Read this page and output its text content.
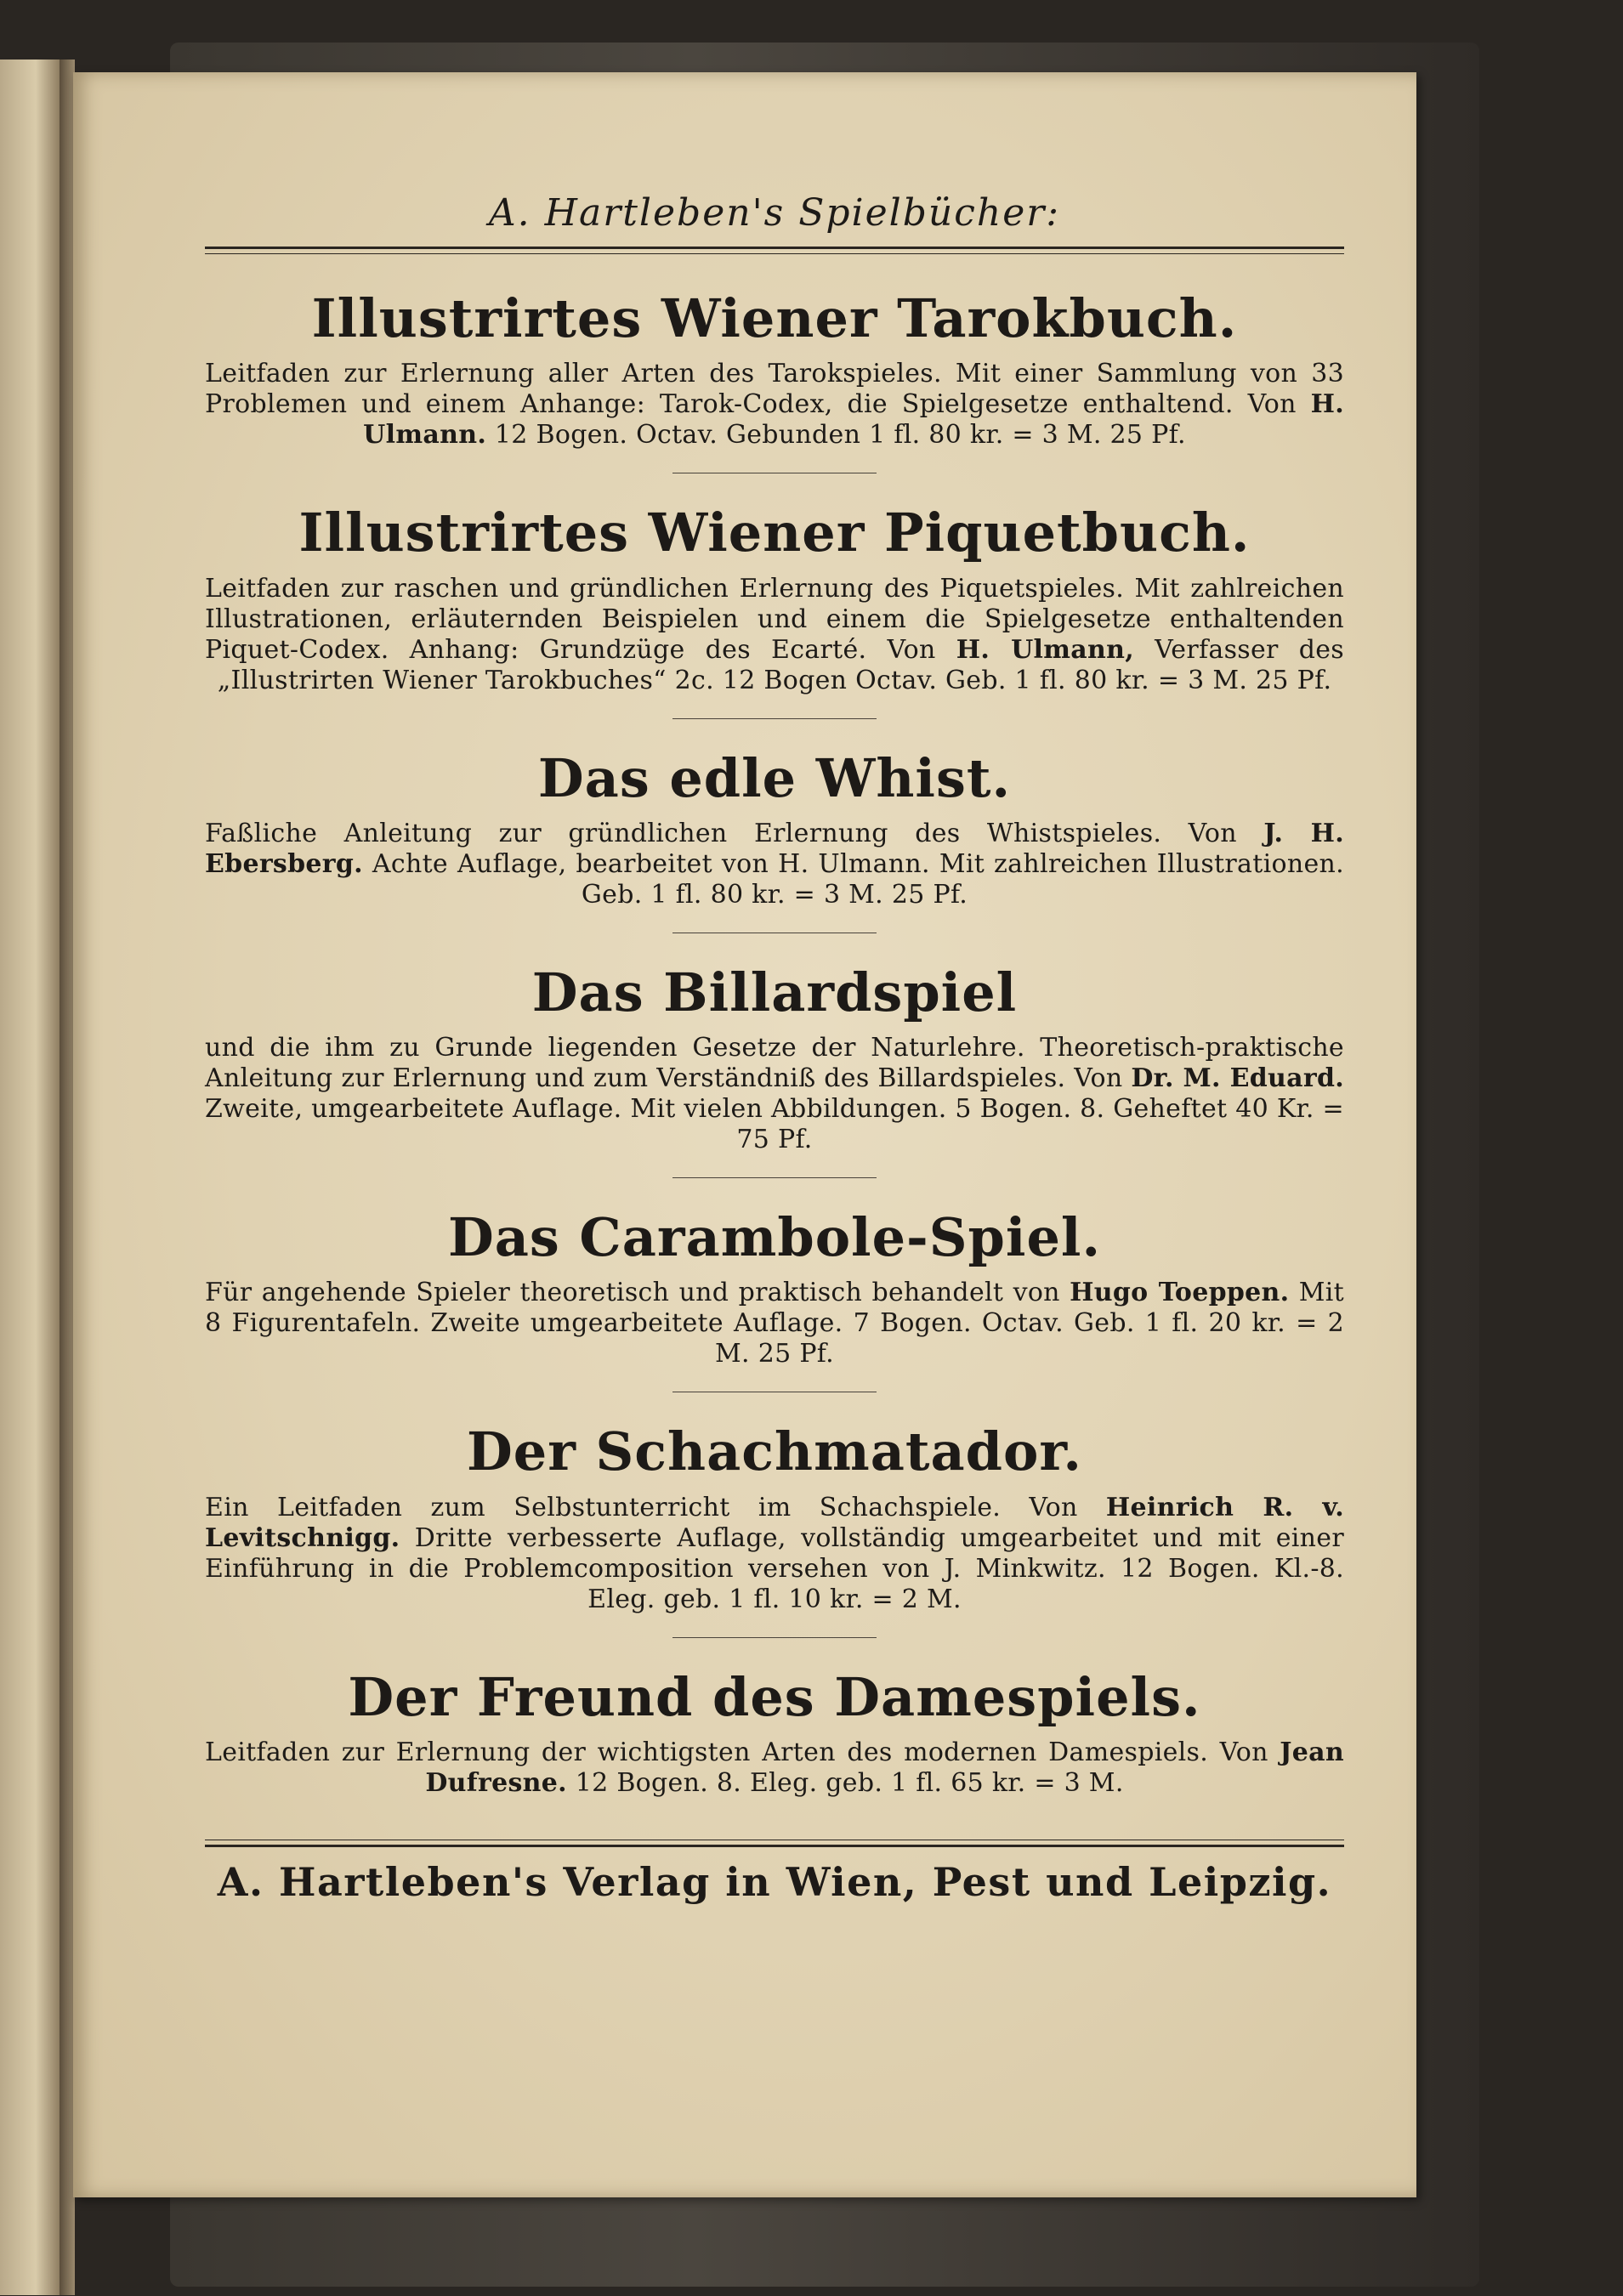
A. Hartleben's Spielbücher:
Illustrirtes Wiener Tarokbuch.
Leitfaden zur Erlernung aller Arten des Tarokspieles. Mit einer Sammlung von 33 Problemen und einem Anhange: Tarok-Codex, die Spielgesetze enthaltend. Von H. Ulmann. 12 Bogen. Octav. Gebunden 1 fl. 80 kr. = 3 M. 25 Pf.
Illustrirtes Wiener Piquetbuch.
Leitfaden zur raschen und gründlichen Erlernung des Piquetspieles. Mit zahlreichen Illustrationen, erläuternden Beispielen und einem die Spielgesetze enthaltenden Piquet-Codex. Anhang: Grundzüge des Ecarté. Von H. Ulmann, Verfasser des „Illustrirten Wiener Tarokbuches“ 2c. 12 Bogen Octav. Geb. 1 fl. 80 kr. = 3 M. 25 Pf.
Das edle Whist.
Faßliche Anleitung zur gründlichen Erlernung des Whistspieles. Von J. H. Ebersberg. Achte Auflage, bearbeitet von H. Ulmann. Mit zahlreichen Illustrationen. Geb. 1 fl. 80 kr. = 3 M. 25 Pf.
Das Billardspiel
und die ihm zu Grunde liegenden Gesetze der Naturlehre. Theoretisch-praktische Anleitung zur Erlernung und zum Verständniß des Billardspieles. Von Dr. M. Eduard. Zweite, umgearbeitete Auflage. Mit vielen Abbildungen. 5 Bogen. 8. Geheftet 40 Kr. = 75 Pf.
Das Carambole-Spiel.
Für angehende Spieler theoretisch und praktisch behandelt von Hugo Toeppen. Mit 8 Figurentafeln. Zweite umgearbeitete Auflage. 7 Bogen. Octav. Geb. 1 fl. 20 kr. = 2 M. 25 Pf.
Der Schachmatador.
Ein Leitfaden zum Selbstunterricht im Schachspiele. Von Heinrich R. v. Levitschnigg. Dritte verbesserte Auflage, vollständig umgearbeitet und mit einer Einführung in die Problemcomposition versehen von J. Minkwitz. 12 Bogen. Kl.-8. Eleg. geb. 1 fl. 10 kr. = 2 M.
Der Freund des Damespiels.
Leitfaden zur Erlernung der wichtigsten Arten des modernen Damespiels. Von Jean Dufresne. 12 Bogen. 8. Eleg. geb. 1 fl. 65 kr. = 3 M.
A. Hartleben's Verlag in Wien, Pest und Leipzig.
